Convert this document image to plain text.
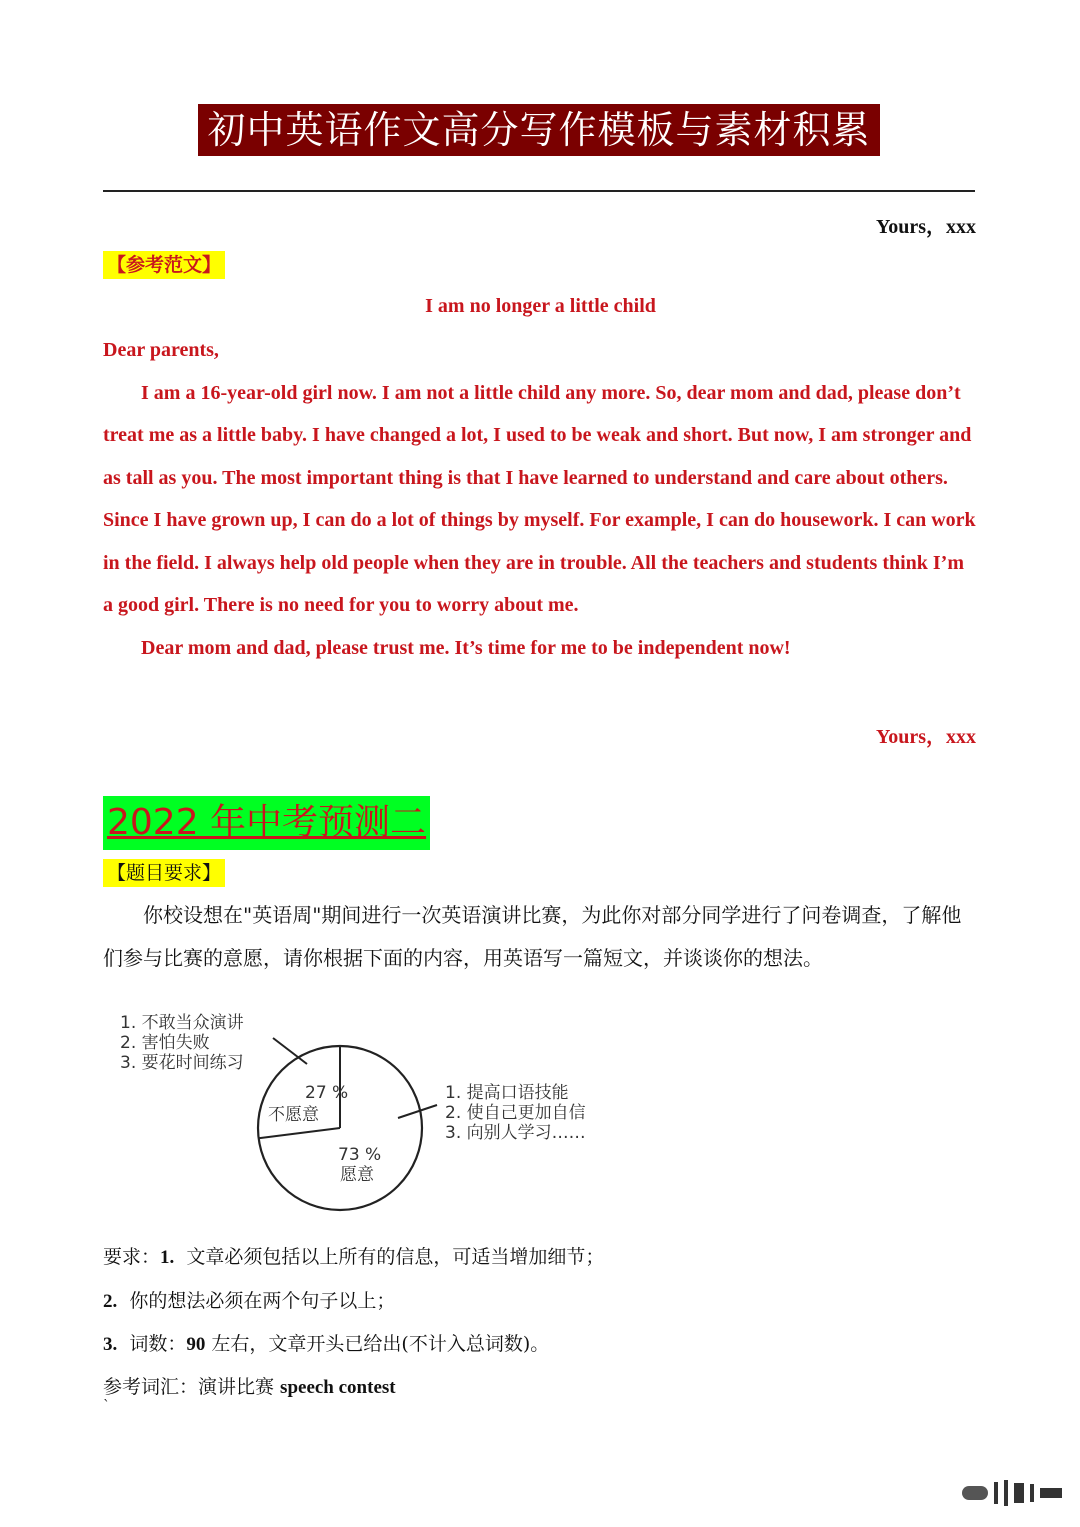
初中英语作文高分写作模板与素材积累
Yours，xxx
【参考范文】
I am no longer a little child

Dear parents,

I am a 16-year-old girl now. I am not a little child any more. So, dear mom and dad, please don’t treat me as a little baby. I have changed a lot, I used to be weak and short. But now, I am stronger and as tall as you. The most important thing is that I have learned to understand and care about others. Since I have grown up, I can do a lot of things by myself. For example, I can do housework. I can work in the field. I always help old people when they are in trouble. All the teachers and students think I’m a good girl. There is no need for you to worry about me.

Dear mom and dad, please trust me. It’s time for me to be independent now!

Yours，xxx
2022 年中考预测二
【题目要求】

你校设想在"英语周"期间进行一次英语演讲比赛，为此你对部分同学进行了问卷调查，了解他们参与比赛的意愿，请你根据下面的内容，用英语写一篇短文，并谈谈你的想法。

1. 不敢当众演讲
2. 害怕失败
3. 要花时间练习
1. 提高口语技能
2. 使自己更加自信
3. 向别人学习……
27 %
不愿意
73 %
愿意
要求：1. 文章必须包括以上所有的信息，可适当增加细节；
2. 你的想法必须在两个句子以上；
3. 词数：90 左右，文章开头已给出(不计入总词数)。
参考词汇：演讲比赛 speech contest
`
